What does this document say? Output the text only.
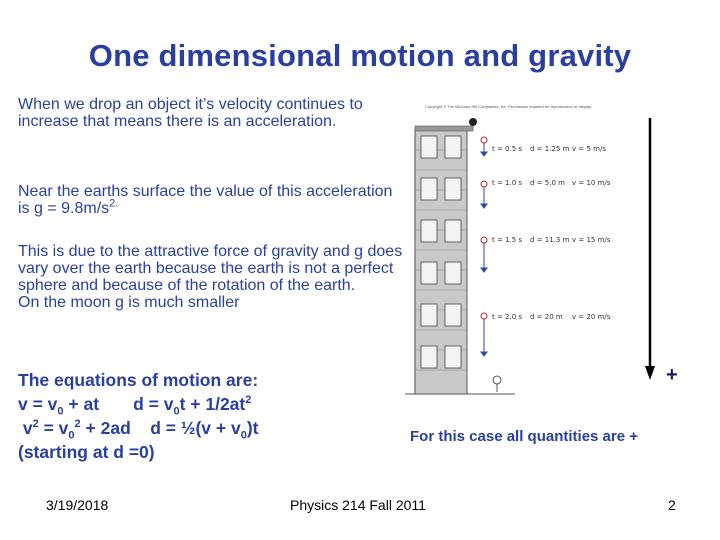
One dimensional motion and gravity
When we drop an object it’s velocity continues to increase that means there is an acceleration.
Near the earths surface the value of this acceleration is $g = 9.8m/s^{2.}$
This is due to the attractive force of gravity and g does vary over the earth because the earth is not a perfect sphere and because of the rotation of the earth.
On the moon g is much smaller
The equations of motion are:
$v = v_0$ + at       $d = v_0t + 1/2at^2$
$v^2 = v_0^2 + 2ad$    d = ½(v + $v_0)t$
(starting at d =0)
Copyright © The McGraw-Hill Companies, Inc. Permission required for reproduction or display.
t = 0.5 s d = 1.25 m v = 5 m/s
t = 1.0 s d = 5.0 m v = 10 m/s
t = 1.5 s d = 11.3 m v = 15 m/s
t = 2.0 s d = 20 m v = 20 m/s
+
For this case all quantities are +
3/19/2018	Physics 214 Fall 2011	2
